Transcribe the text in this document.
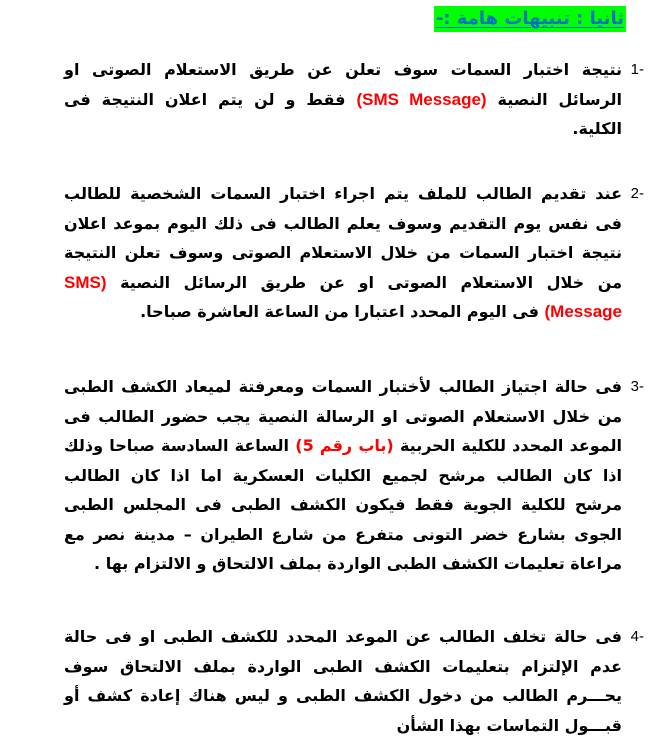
ثانيا : تنبيهات هامة :-
1-
نتيجة اختبار السمات سوف تعلن عن طريق الاستعلام الصوتى او الرسائل النصية (SMS Message) فقط و لن يتم اعلان النتيجة فى الكلية.
2-
عند تقديم الطالب للملف يتم اجراء اختبار السمات الشخصية للطالب فى نفس يوم التقديم وسوف يعلم الطالب فى ذلك اليوم بموعد اعلان نتيجة اختبار السمات من خلال الاستعلام الصوتى وسوف تعلن النتيجة من خلال الاستعلام الصوتى او عن طريق الرسائل النصية (SMS Message) فى اليوم المحدد اعتبارا من الساعة العاشرة صباحا.
3-
فى حالة اجتياز الطالب لأختبار السمات ومعرفتة لميعاد الكشف الطبى من خلال الاستعلام الصوتى او الرسالة النصية يجب حضور الطالب فى الموعد المحدد للكلية الحربية (باب رقم 5) الساعة السادسة صباحا وذلك اذا كان الطالب مرشح لجميع الكليات العسكرية اما اذا كان الطالب مرشح للكلية الجوية فقط فيكون الكشف الطبى فى المجلس الطبى الجوى بشارع خضر التونى متفرع من شارع الطيران – مدينة نصر مع مراعاة تعليمات الكشف الطبى الواردة بملف الالتحاق و الالتزام بها .
4-
فى حالة تخلف الطالب عن الموعد المحدد للكشف الطبى او فى حالة عدم الإلتزام بتعليمات الكشف الطبى الواردة بملف الالتحاق سوف يحـــرم الطالب من دخول الكشف الطبى و ليس هناك إعادة كشف أو قبـــول التماسات بهذا الشأن
